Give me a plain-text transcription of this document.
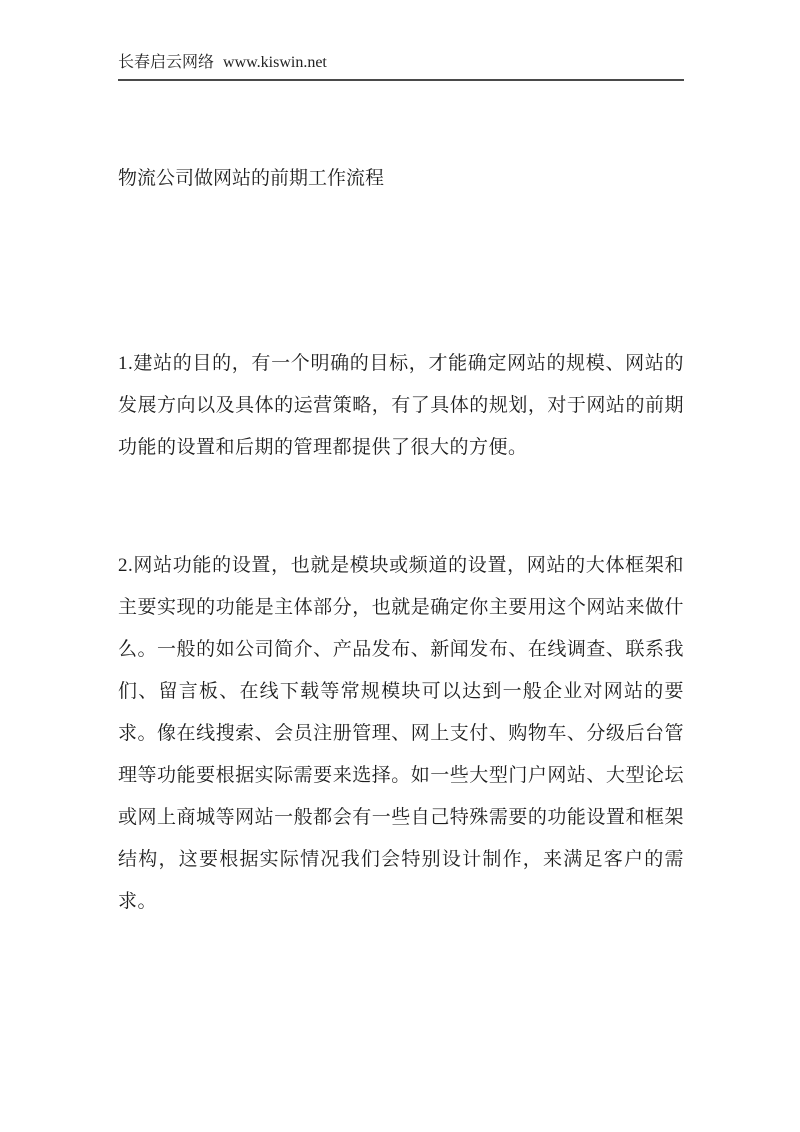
长春启云网络 www.kiswin.net
物流公司做网站的前期工作流程

1.建站的目的，有一个明确的目标，才能确定网站的规模、网站的发展方向以及具体的运营策略，有了具体的规划，对于网站的前期功能的设置和后期的管理都提供了很大的方便。

2.网站功能的设置，也就是模块或频道的设置，网站的大体框架和主要实现的功能是主体部分，也就是确定你主要用这个网站来做什么。一般的如公司简介、产品发布、新闻发布、在线调查、联系我们、留言板、在线下载等常规模块可以达到一般企业对网站的要求。像在线搜索、会员注册管理、网上支付、购物车、分级后台管理等功能要根据实际需要来选择。如一些大型门户网站、大型论坛或网上商城等网站一般都会有一些自己特殊需要的功能设置和框架结构，这要根据实际情况我们会特别设计制作，来满足客户的需求。
